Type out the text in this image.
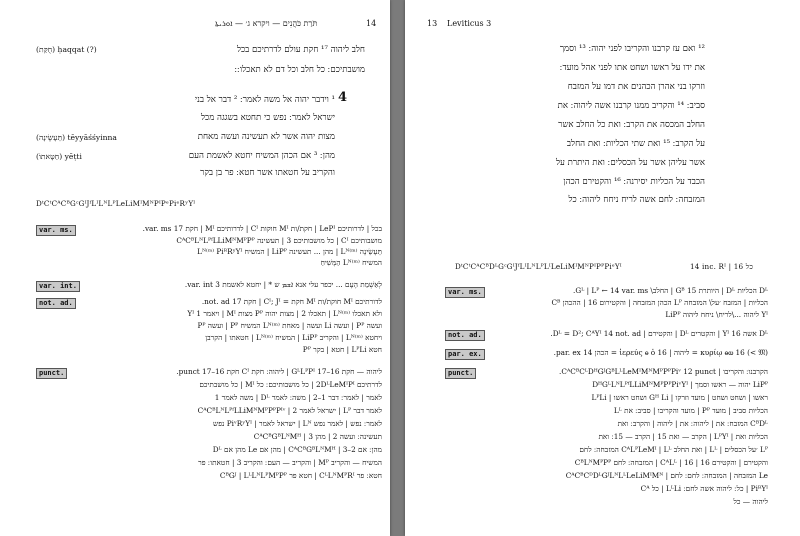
תֹּרַת כֹּהֲנִים — ויקרא ג׳ — ܐܘܪܝܬܐ	14
(חֻקַּת) ḥaqqat (?)	חלב ליהוה ¹⁷ חקת עולם לדרתיכם בכל
מושבתיכם ׃ כל חלב וכל דם לא תאכלו ׃ ׃
4
¹ וידבר יהוה אל משה לאמר ׃ ² דבר אל בני
ישראל לאמר ׃ נפש כי תחטא בשגגה מכל
(תֵּעָשֶׂינָה) tēyyāśśyinna	מצות יהוה אשר לא תעשינה ועשה מאחת
(חַטָּאתוֹ) yēṭti	מהן ׃ ³ אם הכהן המשיח יחטא לאשמת העם
והקריב על חטאתו אשר חטא ׃ פר בן בקר
DᵗCᵗCᴬCᴮGᶜGᴵJᶠLᴵLᴺLᴾLeLiMᴵMᴺPᴵPᵉPiᵉRʸYᴵ
var. ms.	בכל | לדרותיכם LePᴵ | חקת/ות Mᴵ חוקות Cᴵ | לדרותיכם Mᴵ | חקת 17 var. ms.
מושבותיכם Cᴵ | כל מושבותיכם 3 | תעשינה CᴬCᴮLᴺLᴾᶠLLiMᴺMᴾPᴾ
תֵּעָשֵׂינָה Lᴺ⁽ᵐ⁾ | מהן ... תעשינה LiPᴾ | המשיח Lᴺ⁽ᵐ⁾ PiᴿRʸYᴵ
המשיח Lᴺ⁽ᵐ⁾ הַמָּשִׁיחַ
var. int.	לְאַשְׁמַת הָעָם ... יכפר עלי אנא ܐܫܡ ש * | יחטא לאשמת 3 var. int.
not. ad.	לדורתיכם Mᴵ חוקת/ות Mᴵ חקת = Cᴵ; Jᴵ | חקת 17 not. ad.
ולא תאכלו Lᴺ⁽ᵐ⁾ | תאכלו 2 | מצות יהוה Pᴾ מצות Mᴵ | ויאמר Yᴵ 1
ועשה Pᴾ | ועשה Li ועשה | מאחת Lᴺ⁽ᵐ⁾ המשיח Pᴾ | ועשה Pᴾ
ויחטא Lᴺ⁽ᵐ⁾ | והקריב LiPᴾ | המשיח Lᴺ⁽ᵐ⁾ | חטאתו | הקרבן
חטא LᴾLi | חטא | בקר Pᴾ
punct.	ליהוה — חקת 16–17 GᴸLᴾPᴵ | ליהוה ׃ חקת Cᴵ חקת 16–17 punct.
לדרתיכם 2DᴸLeMᴵPᴵ | כל מושבותיכם ׃ כל Mᴵ | כל מושבתיכם
לאמר | לאמר ׃ דבר 1–2 | משה ׃ לאמר Dᴸ | משה לאמר 1
לאמר דבר Lᴾ | ישראל לאמר 2 | CᴬCᴮLᴺLᴾᶠLLiMᴺMᴾPᴾPᴵᵛ
לאמר ׃ נפש | לאמר נפש Lᴺ | ישראל לאמר | PiᵛRʸYᴵ נפש
תעשינה ׃ ועשה 2 | מהן 3 | CᴬCᴮGᴮLᴺMᴴ
מהן ׃ אם 2–3 | CᴬCᴮGᴮLᴺMᴴ | מהן אם Le מהן אם Dᴸ
המשיח — והקריב Mᴾ | והקריב — העם ׃ והקריב 3 | חטאתו ׃ פר
חטא ׃ פר CᴸLᴺMᴾRᴵ | חטא פר CᴮGᴶ | LᴸLᴺLᴾMᴾPᴾ
13 Leviticus 3
¹² ואם עז קרבנו והקריבו לפני יהוה ׃ ¹³ וסמך
את ידו על ראשו ושחט אתו לפני אהל מועד ׃
וזרקו בני אהרן הכהנים את דמו על המזבח
סביב ׃ ¹⁴ והקריב ממנו קרבנו אשה ליהוה ׃ את
החלב המכסה את הקרב ׃ ואת כל החלב אשר
על הקרב ׃ ¹⁵ ואת שתי הכליות ׃ ואת החלב
אשר עליהן אשר על הכסלים ׃ ואת היתרת על
הכבד על הכליות יסירנה ׃ ¹⁶ והקטירם הכהן
המזבחה ׃ לחם אשה לריח ניחח ליהוה ׃ כל
DᵗCᵗCᴬCᴮDᴸGᶜGᴵJᶠLᴵLᴺLᴾLᴵLeLiMᴵMᴺPᴵPᴾPiᵉYᴵ	14 inc. Rᴵ | 16 כל
var. ms.	Dᴸ הכליות Dᴸ | היותרת Gᴮ 15 | החלב\ Gᴸ | Lᴾ ← 14 var. ms.
הכליות | המזבח ׳על\ המזבחה Lᴾ הכהן המזבחה | והקטירום 16 | ההכהן Cᴮ
Yᴵ ליהוה ...\לריח\ ניחח ליהוה LiPᴾ
not. ad.	Dᴸ אשה Yᴵ 16 | והקטרים Dᴸ | והקטירם | Dᴸ = D²; CᴬYᴵ 14 not. ad.
par. ex.	(𝔐 >) κυρίῳ ⲑⲱ 16 = ליהוה | ἱερεύς ⲑ ὁ 16 = הכהן 14 par. ex.
punct.	הקרבנו ׃ והקריבו | CᴬCᴮCᴸDᴴGᴶGᴮLᴸLeMᴵMᴺMᴾPᴾPiᵛ 12 punct.
LiPᴾ יהוה — ראשו וסמך | DᴴGᴸLᴺLᴾᶠLLiMᴺMᴾPᴾPiᵛYᴵ
ראשו | ושחט ושחט | מועד וזרקו | Gᴴ Li ושחט ראשו | LᴾLi
הכליות סביב | מועד Pᴾ | מועד והקריבו | סביב ׃ את Lᴸ
CᴮDᴸ המזבח ׃ את | ליהוה ׃ את | ליהוה | והקרב ׃ ואת
הכליות ואת | LᴾYᴵ | הקרב — ואת 15 | הקרב — 15 ׃ ואת
Lᴾ ׳על הכסלים | Lᴸ | ואת החלב CᴬLᴾLeMᴵ | Lᴸ המזבחה ׃ לחם
והקטירם | והקטירם 16 | CᴬLᴸ | 16 | המזבחה ׃ לחם CᴮLᴺMᴾPᴾ
Le המזבחה | המזבחה ׃ לחם ׃ לחם | CᴬCᴮCᴰDᴸGᴶLᴺLᴸLeLiMᴵMᴺ
PiᴿYᴵ | כל ׃ ליהוה אשה לחם ׃ LᴸLi | כל Cᴬ
ליהוה — כל
